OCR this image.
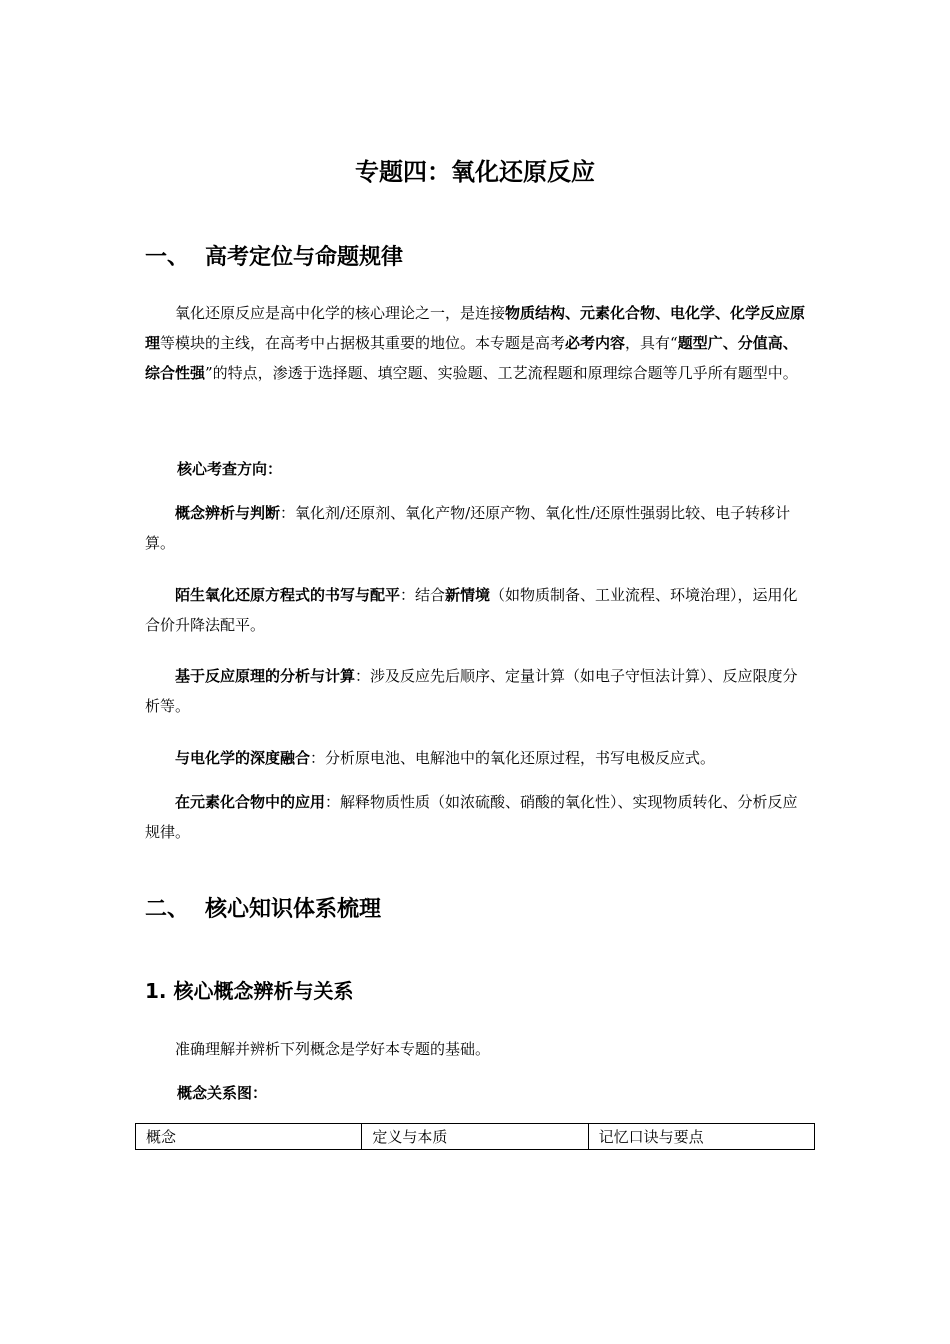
专题四：氧化还原反应
一、 高考定位与命题规律

氧化还原反应是高中化学的核心理论之一，是连接物质结构、元素化合物、电化学、化学反应原理等模块的主线，在高考中占据极其重要的地位。本专题是高考必考内容，具有“题型广、分值高、综合性强”的特点，渗透于选择题、填空题、实验题、工艺流程题和原理综合题等几乎所有题型中。

核心考查方向：

概念辨析与判断：氧化剂/还原剂、氧化产物/还原产物、氧化性/还原性强弱比较、电子转移计算。

陌生氧化还原方程式的书写与配平：结合新情境（如物质制备、工业流程、环境治理），运用化合价升降法配平。

基于反应原理的分析与计算：涉及反应先后顺序、定量计算（如电子守恒法计算）、反应限度分析等。

与电化学的深度融合：分析原电池、电解池中的氧化还原过程，书写电极反应式。

在元素化合物中的应用：解释物质性质（如浓硫酸、硝酸的氧化性）、实现物质转化、分析反应规律。

二、 核心知识体系梳理
1. 核心概念辨析与关系

准确理解并辨析下列概念是学好本专题的基础。

概念关系图：

概念	定义与本质	记忆口诀与要点
